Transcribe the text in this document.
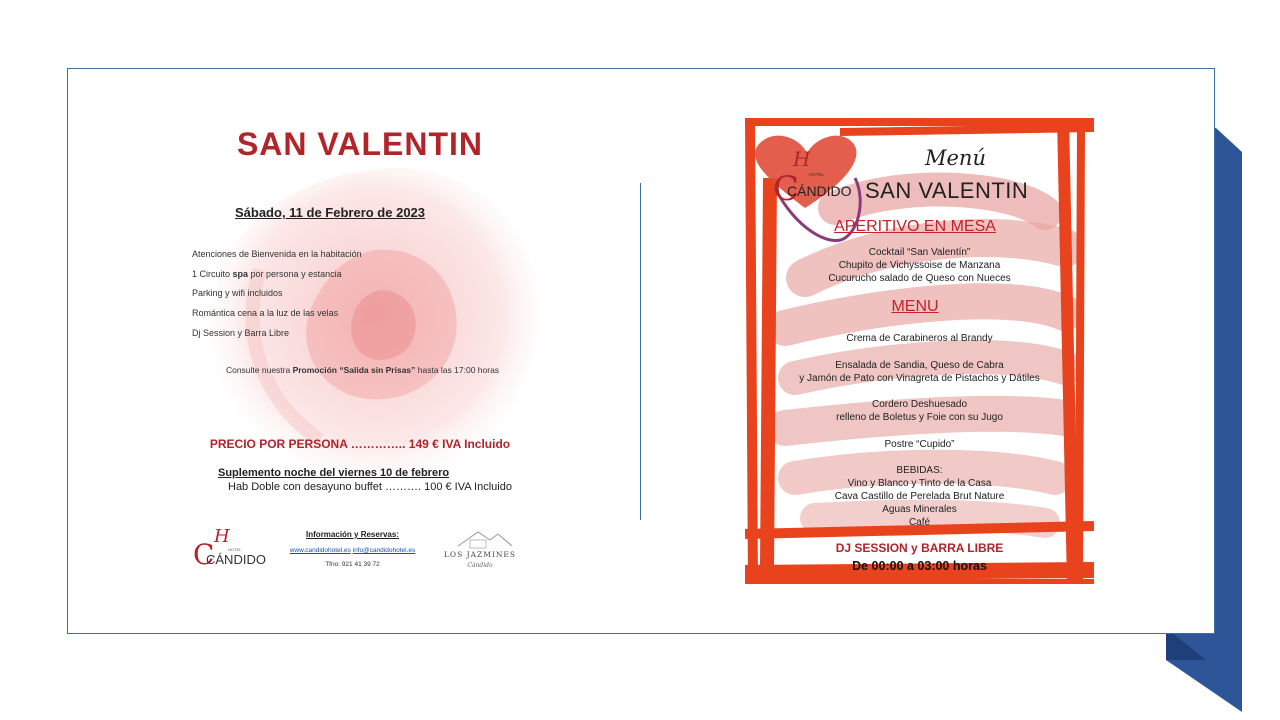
SAN VALENTIN
Sábado, 11 de Febrero de 2023
Atenciones de Bienvenida en la habitación
1 Circuito spa por persona y estancia
Parking y wifi incluidos
Romántica cena a la luz de las velas
Dj Session y Barra Libre
Consulte nuestra Promoción “Salida sin Prisas” hasta las 17:00 horas
PRECIO POR PERSONA ………….. 149 € IVA Incluido
Suplemento noche del viernes 10 de febrero
Hab Doble con desayuno buffet ………. 100 € IVA Incluido
H
C	HOTEL
CÁNDIDO
Información y Reservas:
www.candidohotel.es info@candidohotel.es
Tfno: 921 41 39 72
LOS JAZMINES
Cándido
H
C HOTEL
CÁNDIDO
Menú
SAN VALENTIN
APERITIVO EN MESA
Cocktail “San Valentín”
Chupito de Vichyssoise de Manzana
Cucurucho salado de Queso con Nueces
MENU
Crema de Carabineros al Brandy
Ensalada de Sandia, Queso de Cabra
y Jamón de Pato con Vinagreta de Pistachos y Dátiles
Cordero Deshuesado
relleno de Boletus y Foie con su Jugo
Postre “Cupido”
BEBIDAS:
Vino y Blanco y Tinto de la Casa
Cava Castillo de Perelada Brut Nature
Aguas Minerales
Café
DJ SESSION y BARRA LIBRE
De 00:00 a 03:00 horas
